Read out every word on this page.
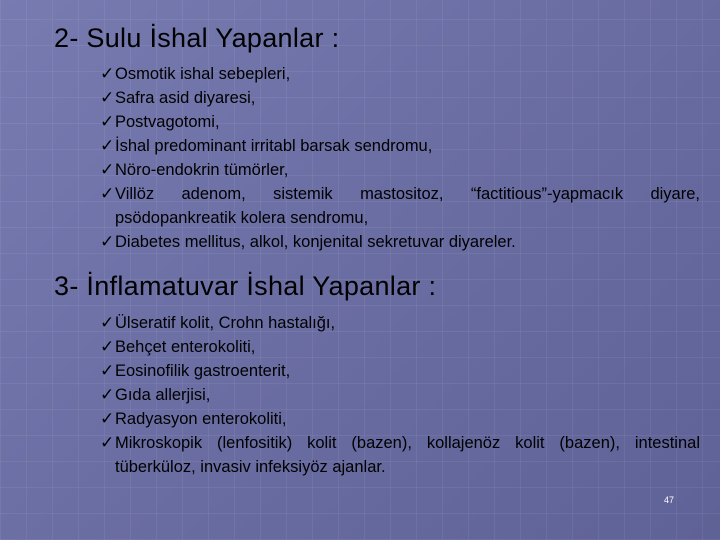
2- Sulu İshal Yapanlar :
✓ Osmotik ishal sebepleri,
✓ Safra asid diyaresi,
✓ Postvagotomi,
✓ İshal predominant irritabl barsak sendromu,
✓ Nöro-endokrin tümörler,
✓ Villöz adenom, sistemik mastositoz, “factitious”-yapmacık diyare, psödopankreatik kolera sendromu,
✓ Diabetes mellitus, alkol, konjenital sekretuvar diyareler.
3- İnflamatuvar İshal Yapanlar :
✓ Ülseratif kolit, Crohn hastalığı,
✓ Behçet enterokoliti,
✓ Eosinofilik gastroenterit,
✓ Gıda allerjisi,
✓ Radyasyon enterokoliti,
✓ Mikroskopik (lenfositik) kolit (bazen), kollajenöz kolit (bazen), intestinal tüberküloz, invasiv infeksiyöz ajanlar.
47
